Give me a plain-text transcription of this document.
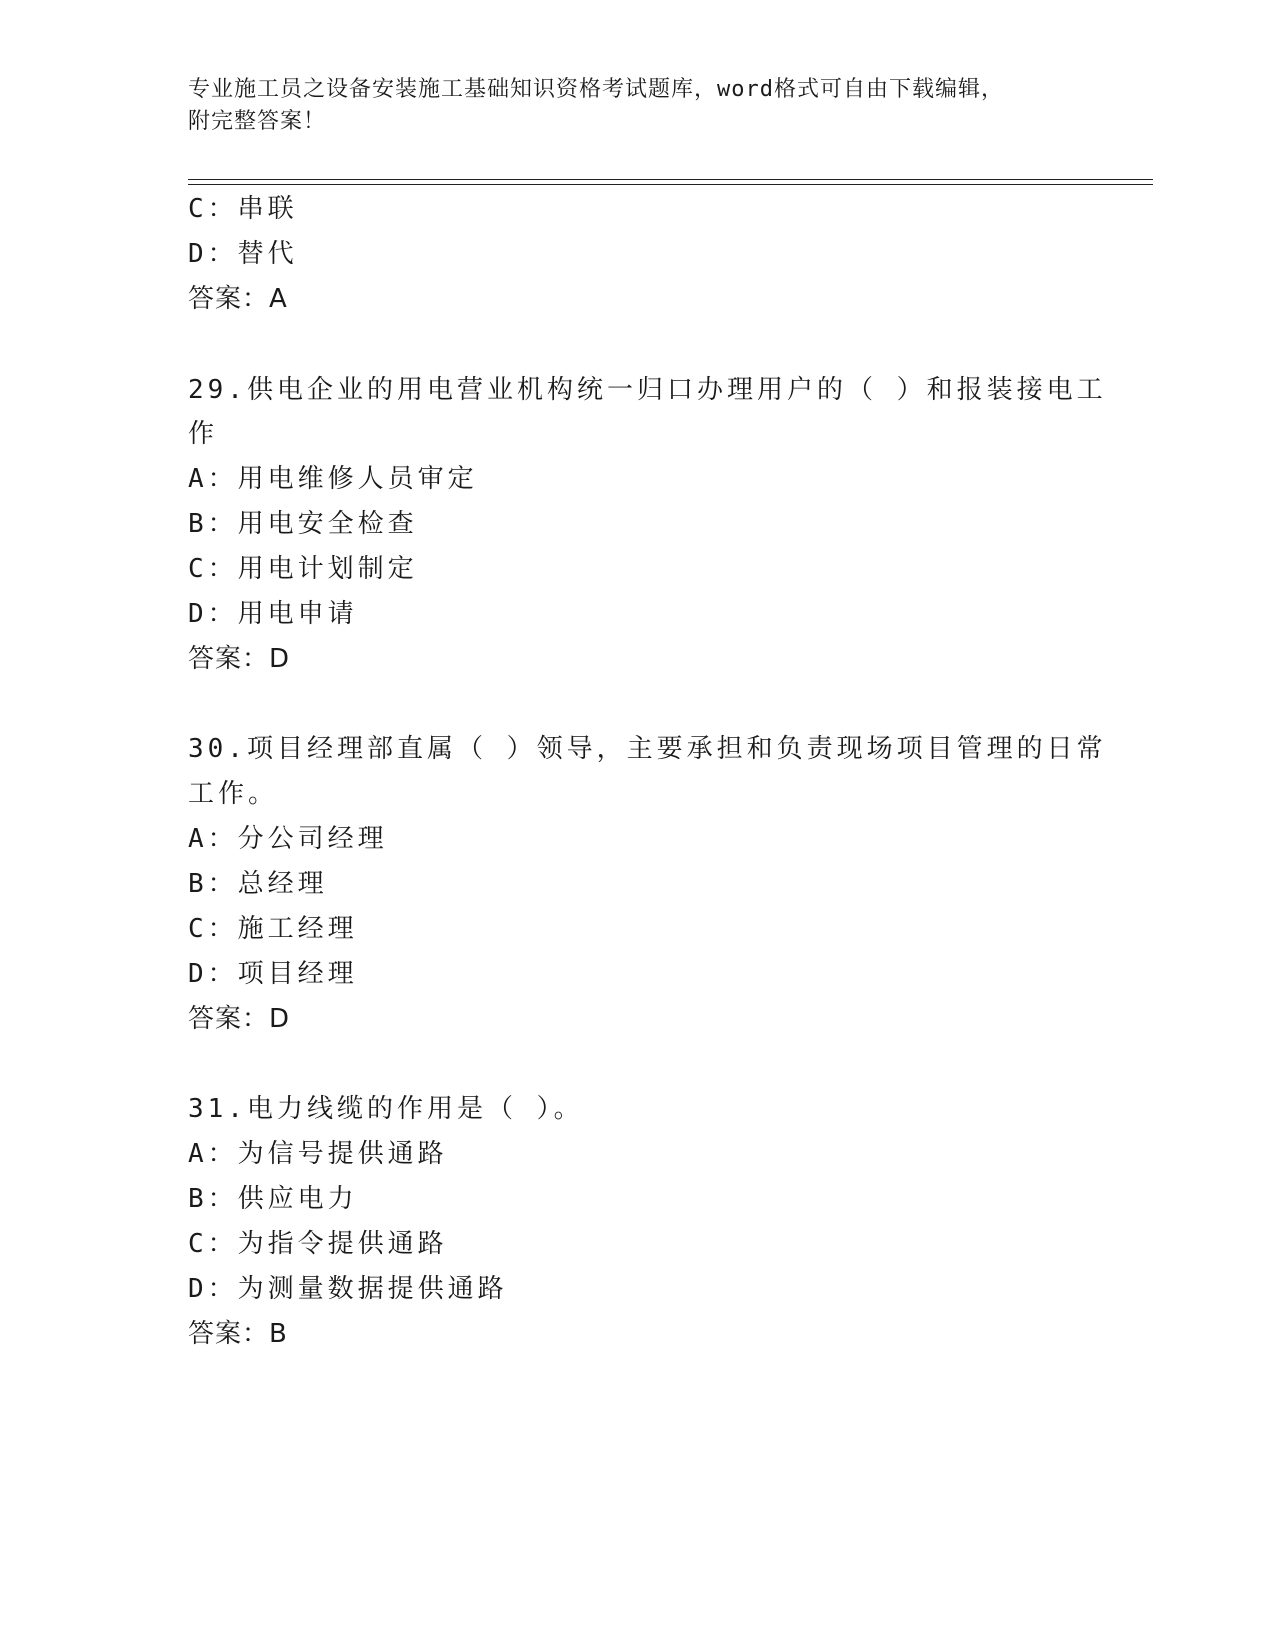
专业施工员之设备安装施工基础知识资格考试题库，word格式可自由下载编辑，
附完整答案！
C：串联
D：替代
答案：A
29.供电企业的用电营业机构统一归口办理用户的（ ）和报装接电工
作
A：用电维修人员审定
B：用电安全检查
C：用电计划制定
D：用电申请
答案：D
30.项目经理部直属（ ）领导，主要承担和负责现场项目管理的日常
工作。
A：分公司经理
B：总经理
C：施工经理
D：项目经理
答案：D
31.电力线缆的作用是（ ）。
A：为信号提供通路
B：供应电力
C：为指令提供通路
D：为测量数据提供通路
答案：B
